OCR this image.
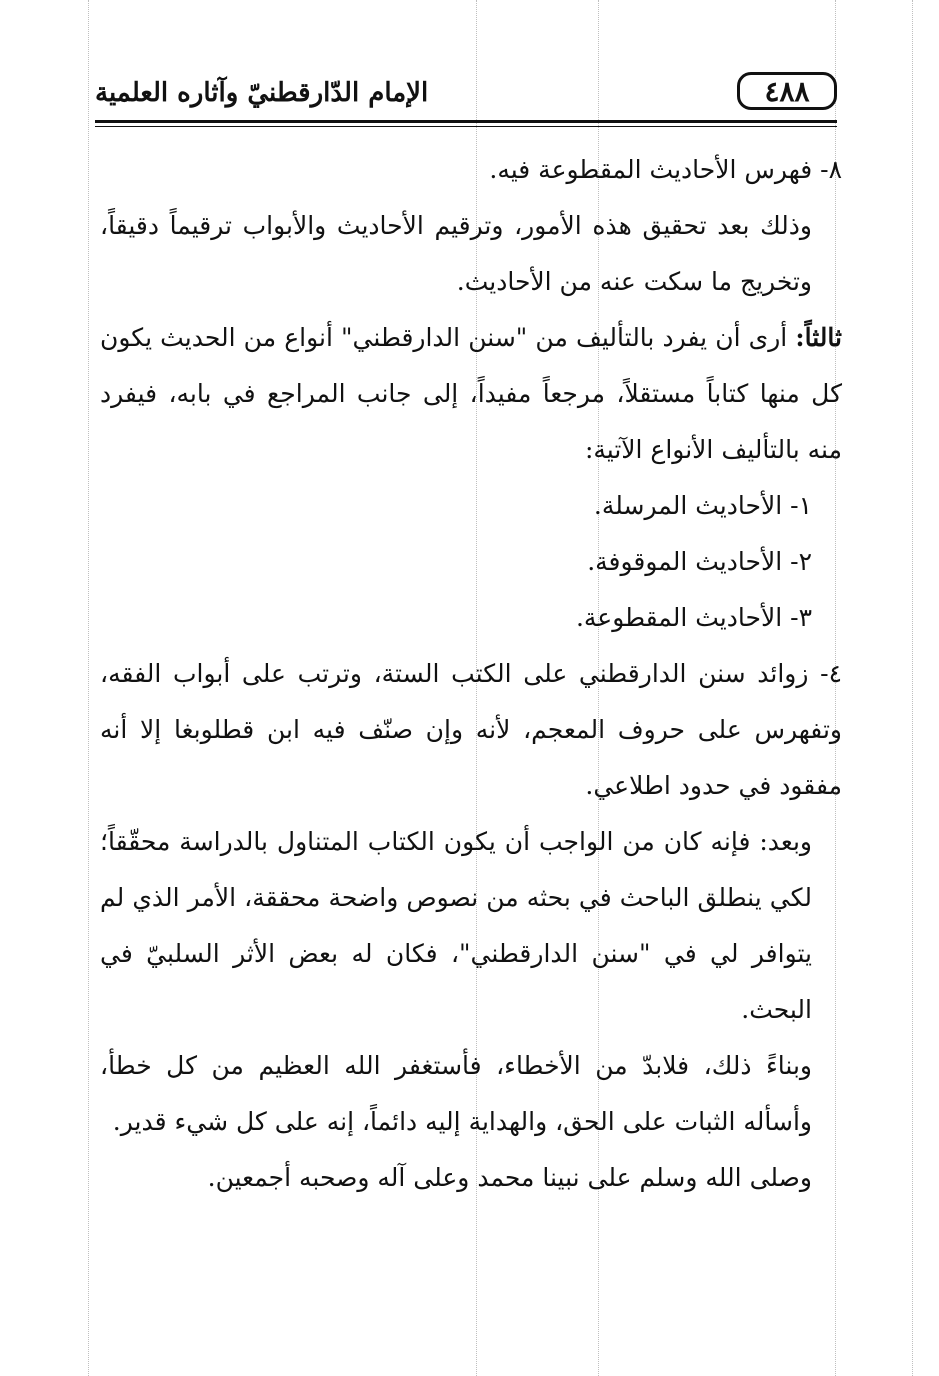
٤٨٨
الإمام الدّارقطنيّ وآثاره العلمية

٨- فهرس الأحاديث المقطوعة فيه.

وذلك بعد تحقيق هذه الأمور، وترقيم الأحاديث والأبواب ترقيماً دقيقاً، وتخريج ما سكت عنه من الأحاديث.

ثالثاً: أرى أن يفرد بالتأليف من "سنن الدارقطني" أنواع من الحديث يكون كل منها كتاباً مستقلاً، مرجعاً مفيداً، إلى جانب المراجع في بابه، فيفرد منه بالتأليف الأنواع الآتية:

١- الأحاديث المرسلة.

٢- الأحاديث الموقوفة.

٣- الأحاديث المقطوعة.

٤- زوائد سنن الدارقطني على الكتب الستة، وترتب على أبواب الفقه، وتفهرس على حروف المعجم، لأنه وإن صنّف فيه ابن قطلوبغا إلا أنه مفقود في حدود اطلاعي.

وبعد: فإنه كان من الواجب أن يكون الكتاب المتناول بالدراسة محقّقاً؛ لكي ينطلق الباحث في بحثه من نصوص واضحة محققة، الأمر الذي لم يتوافر لي في "سنن الدارقطني"، فكان له بعض الأثر السلبيّ في البحث.

وبناءً ذلك، فلابدّ من الأخطاء، فأستغفر الله العظيم من كل خطأ، وأسأله الثبات على الحق، والهداية إليه دائماً، إنه على كل شيء قدير.

وصلى الله وسلم على نبينا محمد وعلى آله وصحبه أجمعين.
